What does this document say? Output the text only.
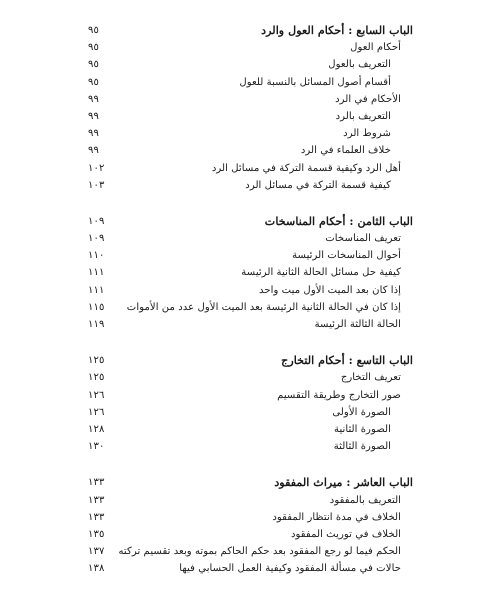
الباب السابع : أحكام العول والرد
٩٥
أحكام العول
٩٥
التعريف بالعول
٩٥
أقسام أصول المسائل بالنسبة للعول
٩٥
الأحكام في الرد
٩٩
التعريف بالرد
٩٩
شروط الرد
٩٩
خلاف العلماء في الرد
٩٩
أهل الرد وكيفية قسمة التركة في مسائل الرد
١٠٢
كيفية قسمة التركة في مسائل الرد
١٠٣
الباب الثامن : أحكام المناسخات
١٠٩
تعريف المناسخات
١٠٩
أحوال المناسخات الرئيسة
١١٠
كيفية حل مسائل الحالة الثانية الرئيسة
١١١
إذا كان بعد الميت الأول ميت واحد
١١١
إذا كان في الحالة الثانية الرئيسة بعد الميت الأول عدد من الأموات
١١٥
الحالة الثالثة الرئيسة
١١٩
الباب التاسع : أحكام التخارج
١٢٥
تعريف التخارج
١٢٥
صور التخارج وطريقة التقسيم
١٢٦
الصورة الأولى
١٢٦
الصورة الثانية
١٢٨
الصورة الثالثة
١٣٠
الباب العاشر : ميراث المفقود
١٣٣
التعريف بالمفقود
١٣٣
الخلاف في مدة انتظار المفقود
١٣٣
الخلاف في توريث المفقود
١٣٥
الحكم فيما لو رجع المفقود بعد حكم الحاكم بموته وبعد تقسيم تركته
١٣٧
حالات في مسألة المفقود وكيفية العمل الحسابي فيها
١٣٨
